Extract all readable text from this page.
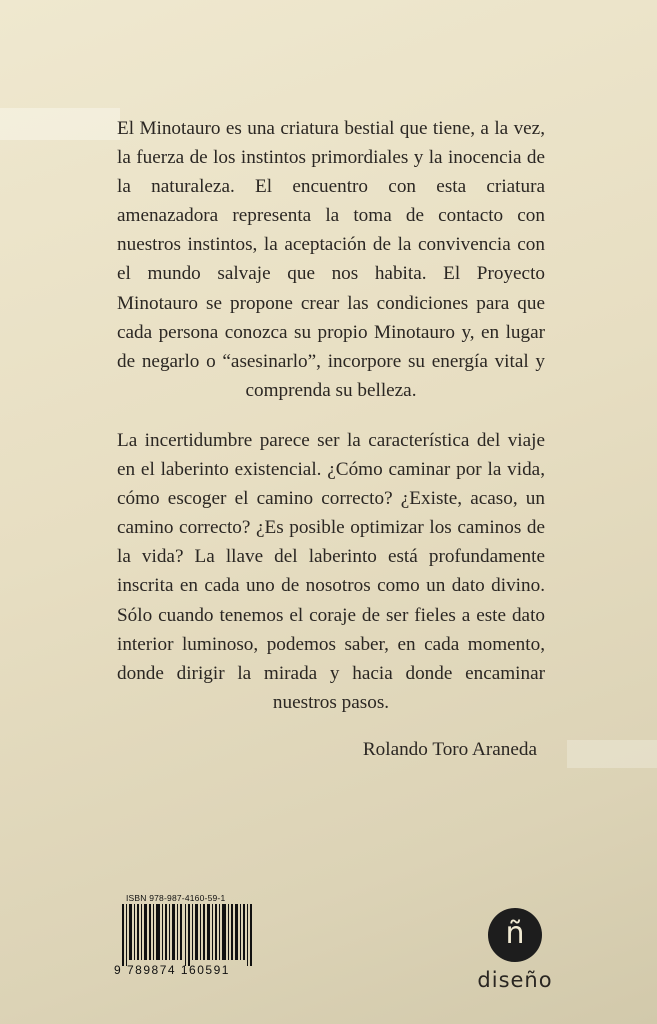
El Minotauro es una criatura bestial que tiene, a la vez, la fuerza de los instintos primordiales y la inocencia de la naturaleza. El encuentro con esta criatura amenazadora representa la toma de contacto con nuestros instintos, la aceptación de la convivencia con el mundo salvaje que nos habita. El Proyecto Minotauro se propone crear las condiciones para que cada persona conozca su propio Minotauro y, en lugar de negarlo o “asesinarlo”, incorpore su energía vital y comprenda su belleza.

La incertidumbre parece ser la característica del viaje en el laberinto existencial. ¿Cómo caminar por la vida, cómo escoger el camino correcto? ¿Existe, acaso, un camino correcto? ¿Es posible optimizar los caminos de la vida? La llave del laberinto está profundamente inscrita en cada uno de nosotros como un dato divino. Sólo cuando tenemos el coraje de ser fieles a este dato interior luminoso, podemos saber, en cada momento, donde dirigir la mirada y hacia donde encaminar nuestros pasos.

Rolando Toro Araneda
ISBN 978-987-4160-59-1
9 789874 160591
ñ
diseño
